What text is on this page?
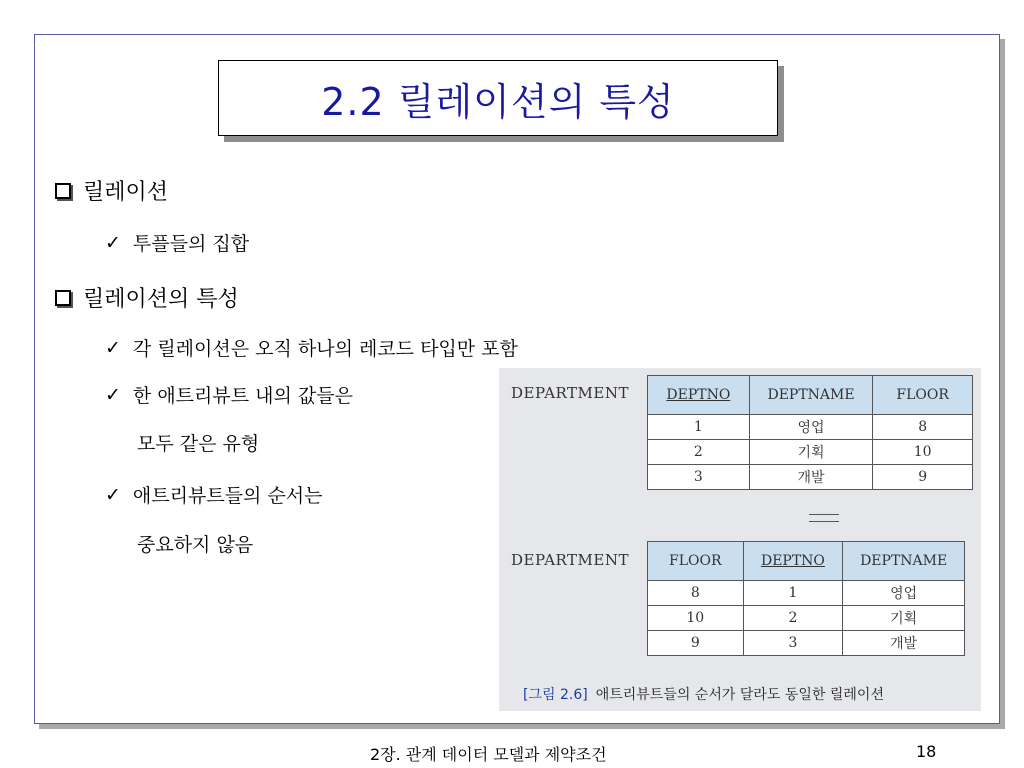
2.2 릴레이션의 특성
릴레이션
✓ 투플들의 집합
릴레이션의 특성
✓ 각 릴레이션은 오직 하나의 레코드 타입만 포함
✓ 한 애트리뷰트 내의 값들은
모두 같은 유형
✓ 애트리뷰트들의 순서는
중요하지 않음
DEPARTMENT	DEPTNO	DEPTNAME	FLOOR
1	영업	8
2	기획	10
3	개발	9
DEPARTMENT	FLOOR	DEPTNO	DEPTNAME
8	1	영업
10	2	기획
9	3	개발
[그림 2.6] 애트리뷰트들의 순서가 달라도 동일한 릴레이션
2장. 관계 데이터 모델과 제약조건	18
